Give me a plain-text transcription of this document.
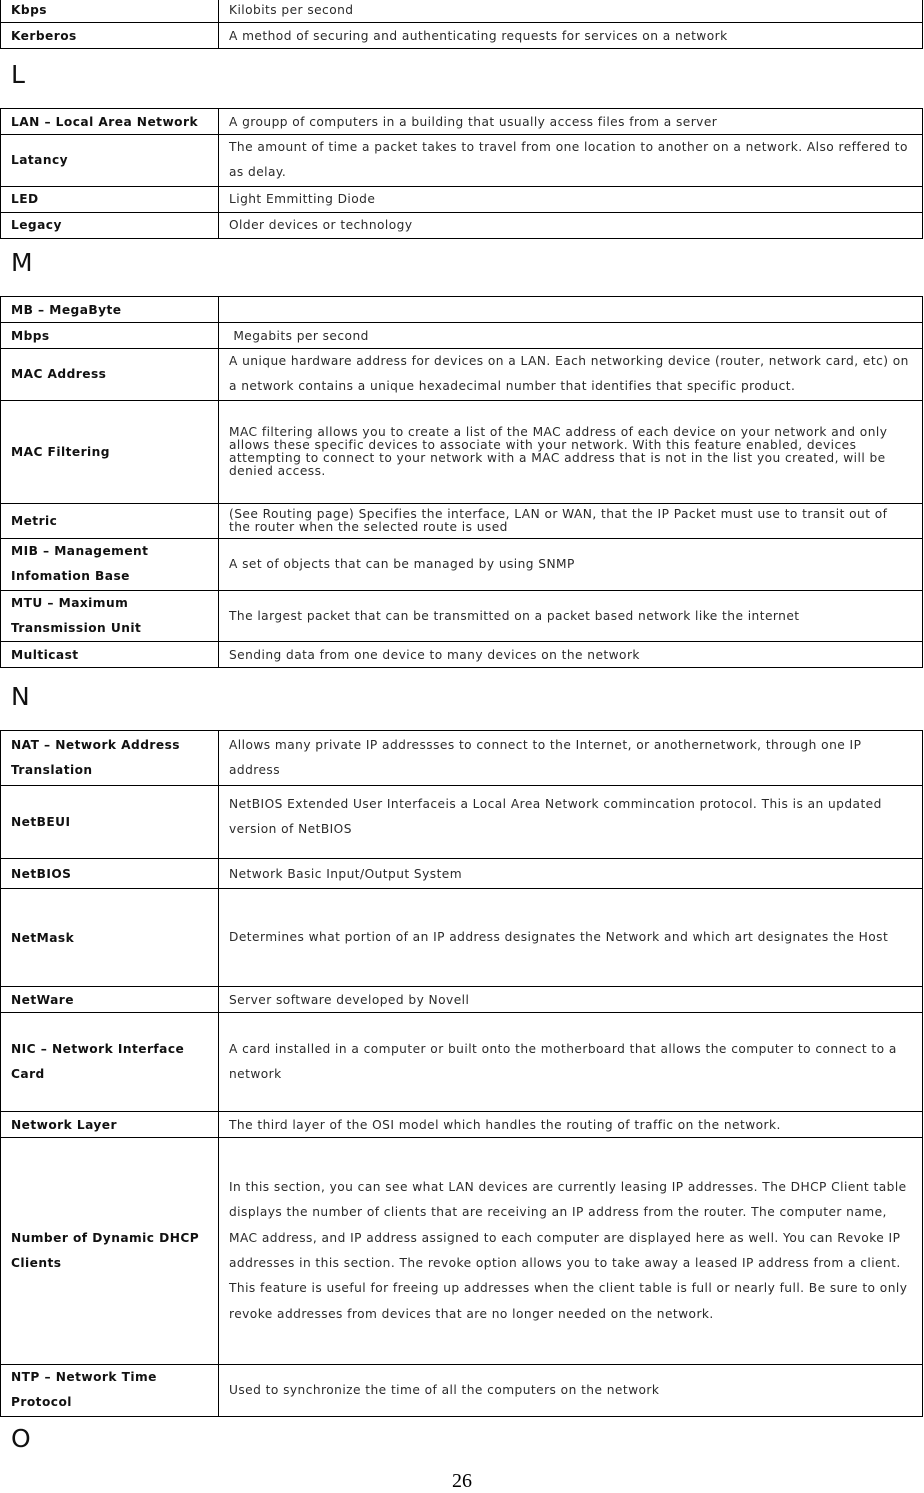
Kbps	Kilobits per second
Kerberos	A method of securing and authenticating requests for services on a network
L
LAN – Local Area Network	A groupp of computers in a building that usually access files from a server
Latancy	The amount of time a packet takes to travel from one location to another on a network. Also reffered to as delay.
LED	Light Emmitting Diode
Legacy	Older devices or technology
M
MB – MegaByte	
Mbps	Megabits per second
MAC Address	A unique hardware address for devices on a LAN. Each networking device (router, network card, etc) on a network contains a unique hexadecimal number that identifies that specific product.
MAC Filtering	MAC filtering allows you to create a list of the MAC address of each device on your network and only allows these specific devices to associate with your network. With this feature enabled, devices attempting to connect to your network with a MAC address that is not in the list you created, will be denied access.
Metric	(See Routing page) Specifies the interface, LAN or WAN, that the IP Packet must use to transit out of the router when the selected route is used
MIB – Management Infomation Base	A set of objects that can be managed by using SNMP
MTU – Maximum Transmission Unit	The largest packet that can be transmitted on a packet based network like the internet
Multicast	Sending data from one device to many devices on the network
N
NAT – Network Address Translation	Allows many private IP addressses to connect to the Internet, or anothernetwork, through one IP address
NetBEUI	NetBIOS Extended User Interfaceis a Local Area Network commincation protocol. This is an updated version of NetBIOS
NetBIOS	Network Basic Input/Output System
NetMask	Determines what portion of an IP address designates the Network and which art designates the Host
NetWare	Server software developed by Novell
NIC – Network Interface Card	A card installed in a computer or built onto the motherboard that allows the computer to connect to a network
Network Layer	The third layer of the OSI model which handles the routing of traffic on the network.
Number of Dynamic DHCP Clients	In this section, you can see what LAN devices are currently leasing IP addresses. The DHCP Client table displays the number of clients that are receiving an IP address from the router. The computer name, MAC address, and IP address assigned to each computer are displayed here as well. You can Revoke IP addresses in this section. The revoke option allows you to take away a leased IP address from a client. This feature is useful for freeing up addresses when the client table is full or nearly full. Be sure to only revoke addresses from devices that are no longer needed on the network.
NTP – Network Time Protocol	Used to synchronize the time of all the computers on the network
O
26
